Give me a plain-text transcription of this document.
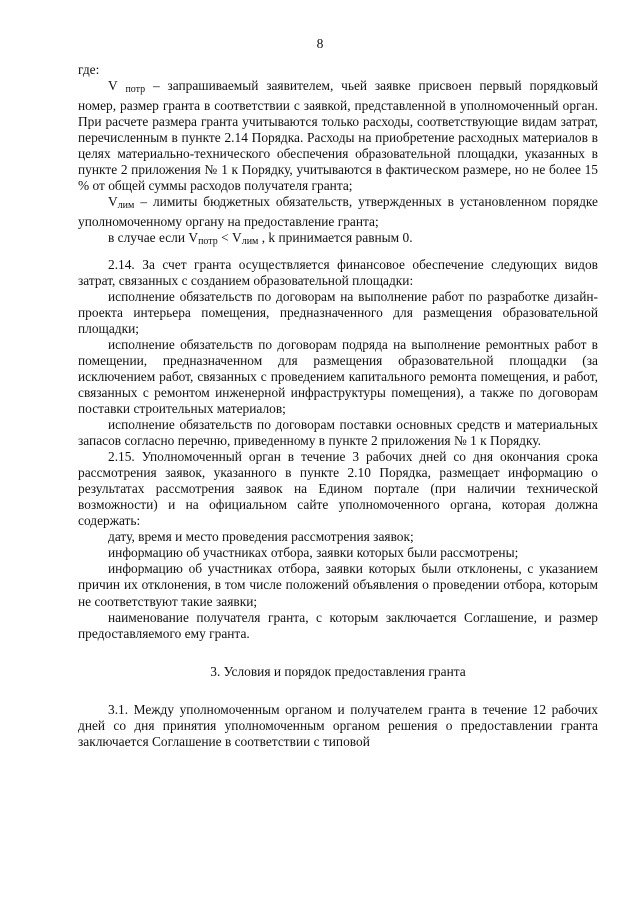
8

где:

V $_{потр}$ – запрашиваемый заявителем, чьей заявке присвоен первый порядковый номер, размер гранта в соответствии с заявкой, представленной в уполномоченный орган. При расчете размера гранта учитываются только расходы, соответствующие видам затрат, перечисленным в пункте 2.14 Порядка. Расходы на приобретение расходных материалов в целях материально-технического обеспечения образовательной площадки, указанных в пункте 2 приложения № 1 к Порядку, учитываются в фактическом размере, но не более 15 % от общей суммы расходов получателя гранта;

$V_{лим}$ – лимиты бюджетных обязательств, утвержденных в установленном порядке уполномоченному органу на предоставление гранта;

в случае если $V_{потр} < V_{лим}$ , k принимается равным 0.

2.14. За счет гранта осуществляется финансовое обеспечение следующих видов затрат, связанных с созданием образовательной площадки:

исполнение обязательств по договорам на выполнение работ по разработке дизайн-проекта интерьера помещения, предназначенного для размещения образовательной площадки;

исполнение обязательств по договорам подряда на выполнение ремонтных работ в помещении, предназначенном для размещения образовательной площадки (за исключением работ, связанных с проведением капитального ремонта помещения, и работ, связанных с ремонтом инженерной инфраструктуры помещения), а также по договорам поставки строительных материалов;

исполнение обязательств по договорам поставки основных средств и материальных запасов согласно перечню, приведенному в пункте 2 приложения № 1 к Порядку.

2.15. Уполномоченный орган в течение 3 рабочих дней со дня окончания срока рассмотрения заявок, указанного в пункте 2.10 Порядка, размещает информацию о результатах рассмотрения заявок на Едином портале (при наличии технической возможности) и на официальном сайте уполномоченного органа, которая должна содержать:

дату, время и место проведения рассмотрения заявок;

информацию об участниках отбора, заявки которых были рассмотрены;

информацию об участниках отбора, заявки которых были отклонены, с указанием причин их отклонения, в том числе положений объявления о проведении отбора, которым не соответствуют такие заявки;

наименование получателя гранта, с которым заключается Соглашение, и размер предоставляемого ему гранта.

3. Условия и порядок предоставления гранта

3.1. Между уполномоченным органом и получателем гранта в течение 12 рабочих дней со дня принятия уполномоченным органом решения о предоставлении гранта заключается Соглашение в соответствии с типовой
